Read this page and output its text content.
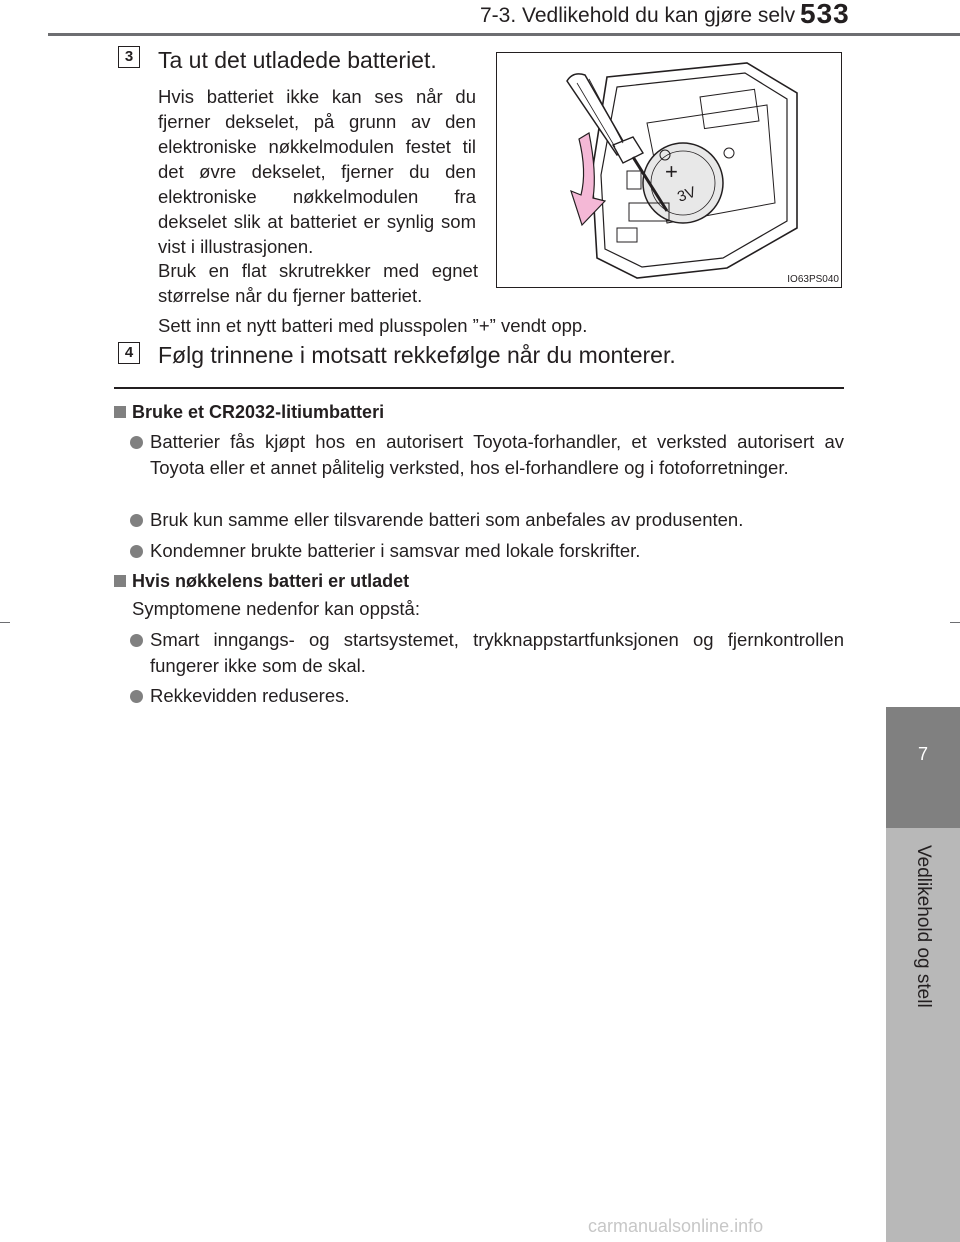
7-3. Vedlikehold du kan gjøre selv 533
7
Vedlikehold og stell
3 Ta ut det utladede batteriet.
Hvis batteriet ikke kan ses når du fjerner dekselet, på grunn av den elektroniske nøkkelmodulen festet til det øvre dekselet, fjerner du den elektroniske nøkkelmodulen fra dekselet slik at batteriet er synlig som vist i illustrasjonen.
Bruk en flat skrutrekker med egnet størrelse når du fjerner batteriet.
Sett inn et nytt batteri med plusspolen ”+” vendt opp.
+
3V
IO63PS040
4 Følg trinnene i motsatt rekkefølge når du monterer.
Bruke et CR2032-litiumbatteri
Batterier fås kjøpt hos en autorisert Toyota-forhandler, et verksted autorisert av Toyota eller et annet pålitelig verksted, hos el-forhandlere og i fotoforretninger.
Bruk kun samme eller tilsvarende batteri som anbefales av produsenten.
Kondemner brukte batterier i samsvar med lokale forskrifter.
Hvis nøkkelens batteri er utladet
Symptomene nedenfor kan oppstå:
Smart inngangs- og startsystemet, trykknappstartfunksjonen og fjernkontrollen fungerer ikke som de skal.
Rekkevidden reduseres.
carmanualsonline.info
